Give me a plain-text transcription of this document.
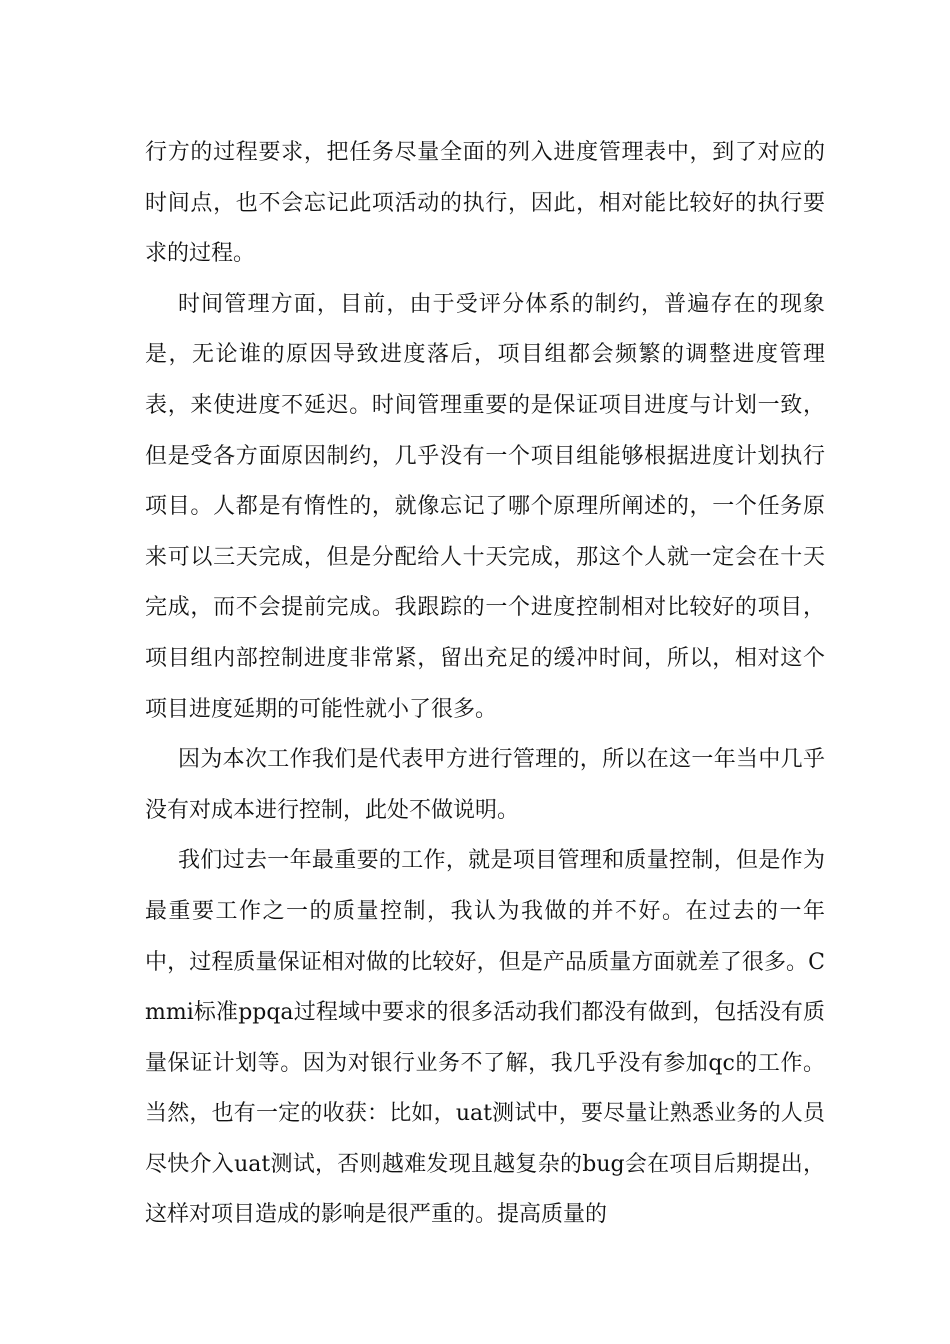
行方的过程要求，把任务尽量全面的列入进度管理表中，到了对应的时间点，也不会忘记此项活动的执行，因此，相对能比较好的执行要求的过程。

时间管理方面，目前，由于受评分体系的制约，普遍存在的现象是，无论谁的原因导致进度落后，项目组都会频繁的调整进度管理表，来使进度不延迟。时间管理重要的是保证项目进度与计划一致，但是受各方面原因制约，几乎没有一个项目组能够根据进度计划执行项目。人都是有惰性的，就像忘记了哪个原理所阐述的，一个任务原来可以三天完成，但是分配给人十天完成，那这个人就一定会在十天完成，而不会提前完成。我跟踪的一个进度控制相对比较好的项目，项目组内部控制进度非常紧，留出充足的缓冲时间，所以，相对这个项目进度延期的可能性就小了很多。

因为本次工作我们是代表甲方进行管理的，所以在这一年当中几乎没有对成本进行控制，此处不做说明。

我们过去一年最重要的工作，就是项目管理和质量控制，但是作为最重要工作之一的质量控制，我认为我做的并不好。在过去的一年中，过程质量保证相对做的比较好，但是产品质量方面就差了很多。Cmmi标准ppqa过程域中要求的很多活动我们都没有做到，包括没有质量保证计划等。因为对银行业务不了解，我几乎没有参加qc的工作。当然，也有一定的收获：比如，uat测试中，要尽量让熟悉业务的人员尽快介入uat测试，否则越难发现且越复杂的bug会在项目后期提出，这样对项目造成的影响是很严重的。提高质量的
